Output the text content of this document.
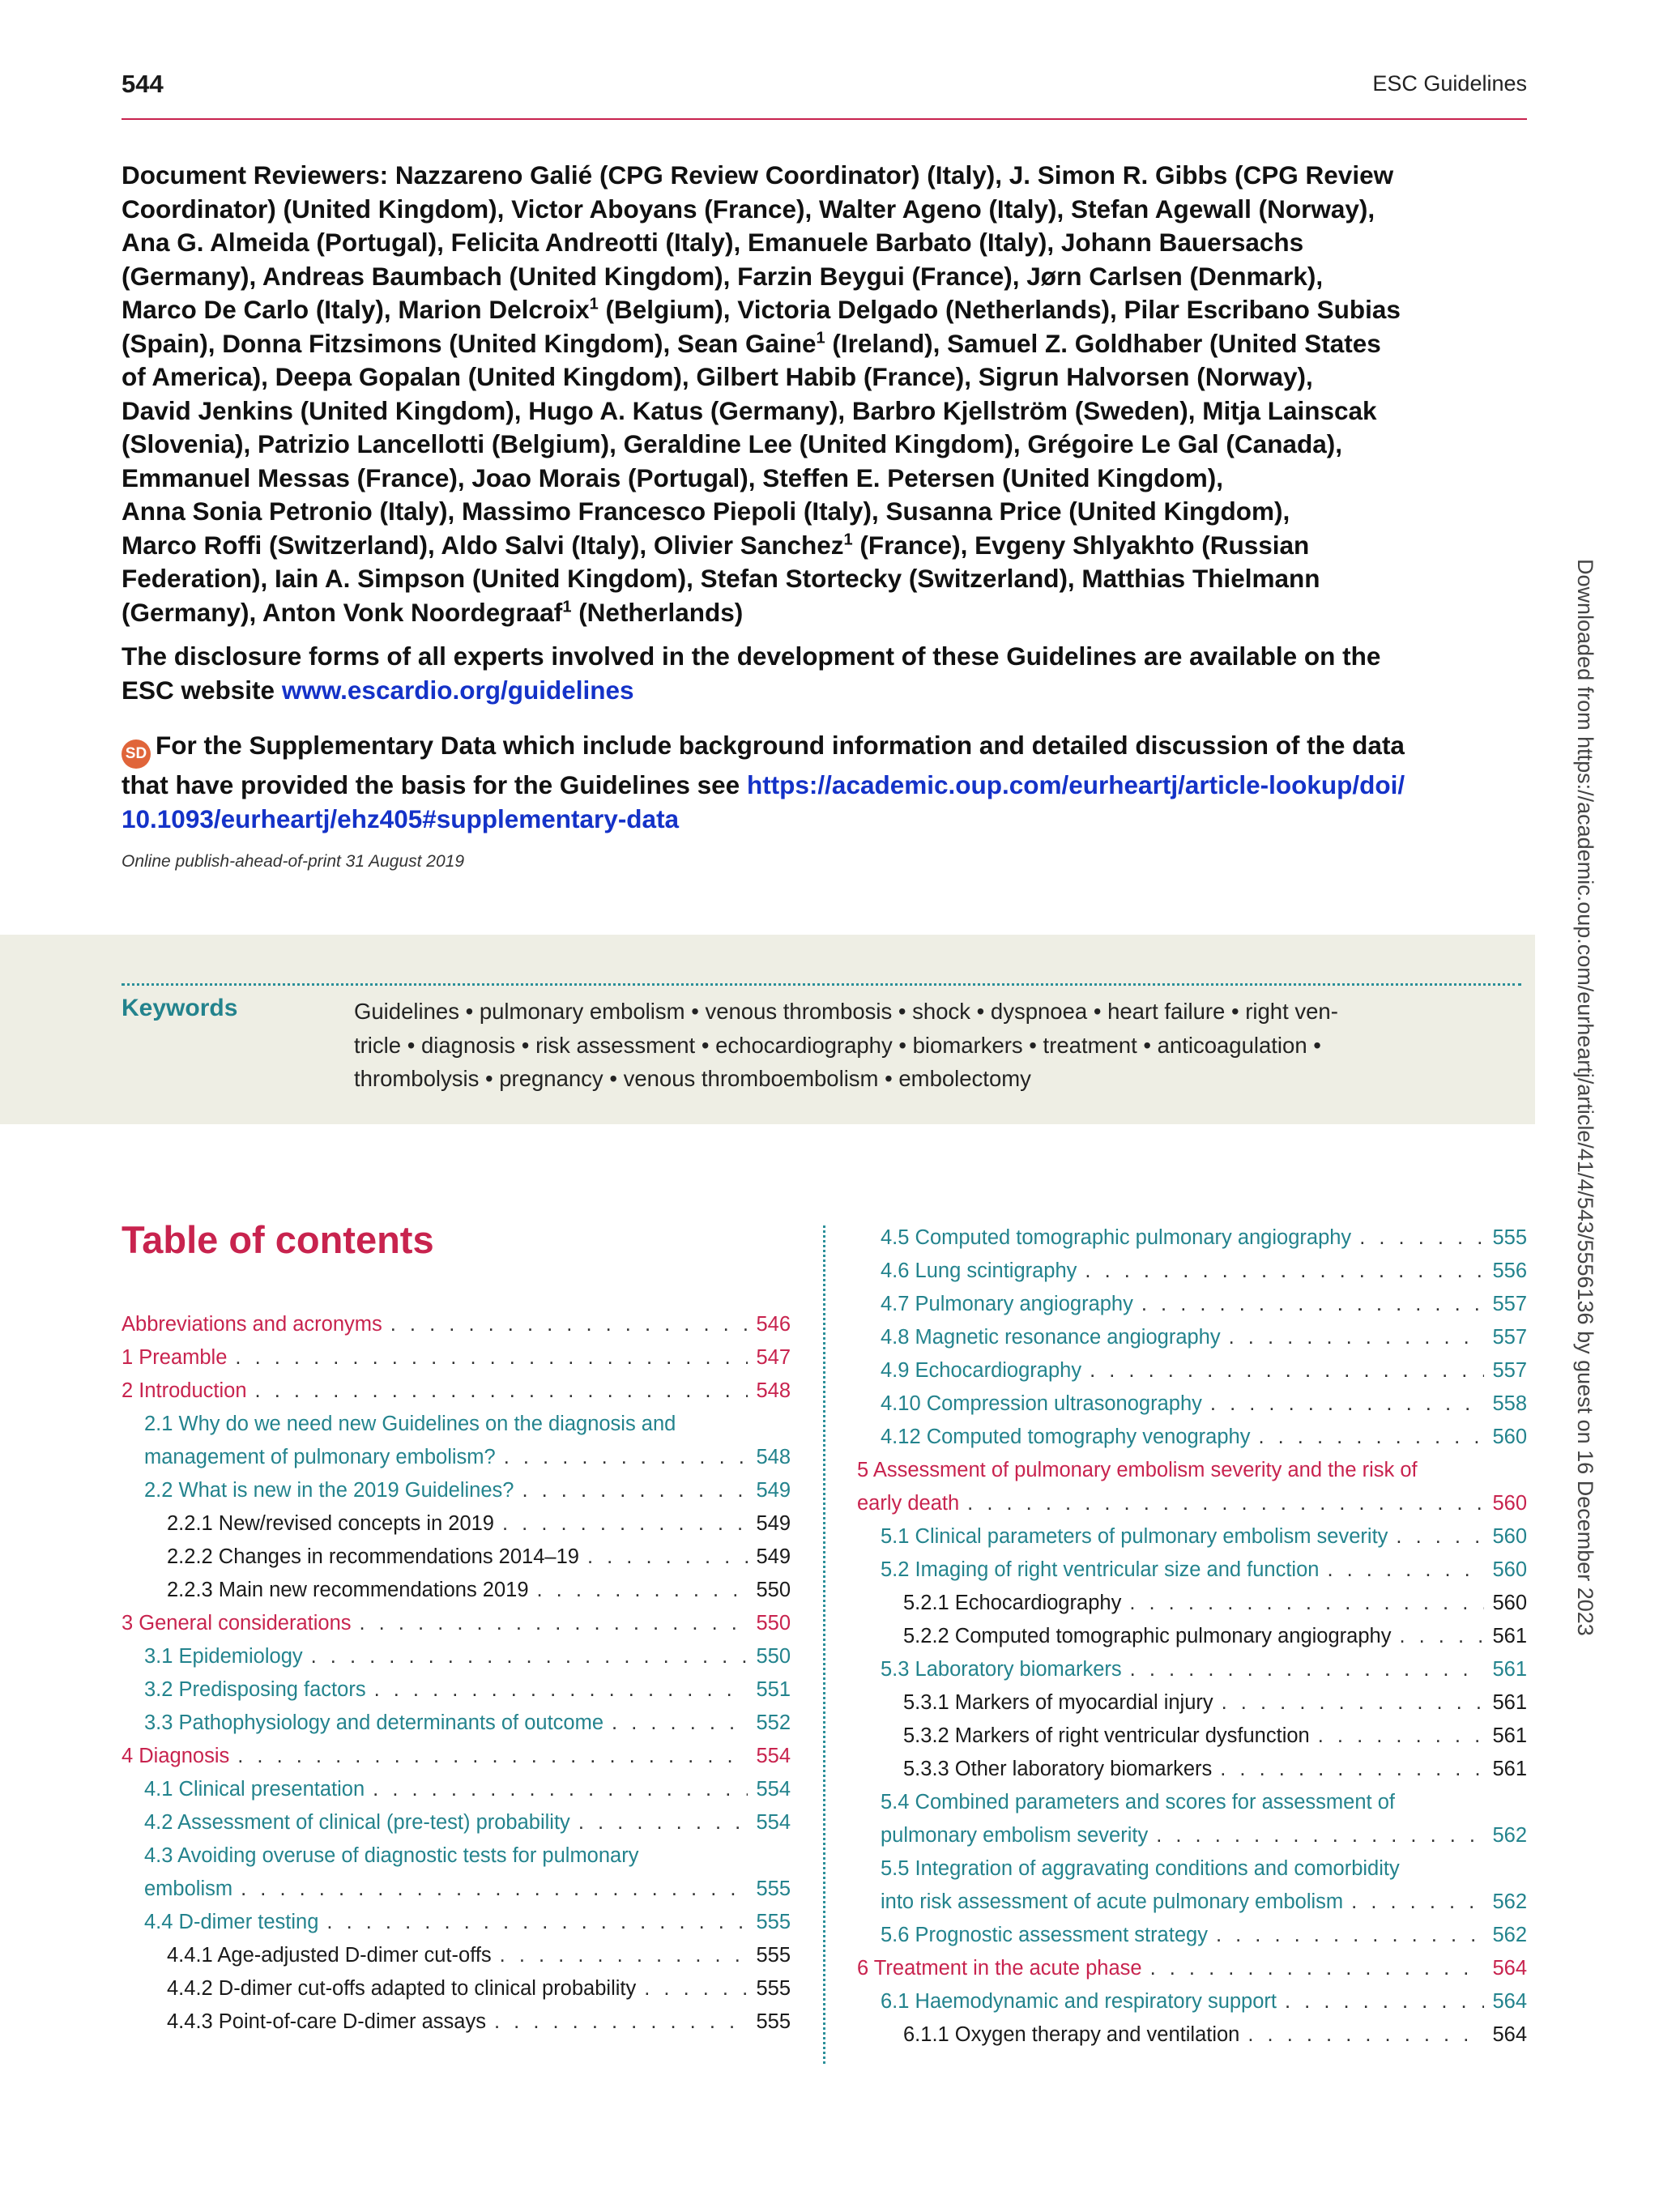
544	ESC Guidelines
Document Reviewers: Nazzareno Galié (CPG Review Coordinator) (Italy), J. Simon R. Gibbs (CPG Review
Coordinator) (United Kingdom), Victor Aboyans (France), Walter Ageno (Italy), Stefan Agewall (Norway),
Ana G. Almeida (Portugal), Felicita Andreotti (Italy), Emanuele Barbato (Italy), Johann Bauersachs
(Germany), Andreas Baumbach (United Kingdom), Farzin Beygui (France), Jørn Carlsen (Denmark),
Marco De Carlo (Italy), Marion Delcroix$^1$ (Belgium), Victoria Delgado (Netherlands), Pilar Escribano Subias
(Spain), Donna Fitzsimons (United Kingdom), Sean Gaine$^1$ (Ireland), Samuel Z. Goldhaber (United States
of America), Deepa Gopalan (United Kingdom), Gilbert Habib (France), Sigrun Halvorsen (Norway),
David Jenkins (United Kingdom), Hugo A. Katus (Germany), Barbro Kjellström (Sweden), Mitja Lainscak
(Slovenia), Patrizio Lancellotti (Belgium), Geraldine Lee (United Kingdom), Grégoire Le Gal (Canada),
Emmanuel Messas (France), Joao Morais (Portugal), Steffen E. Petersen (United Kingdom),
Anna Sonia Petronio (Italy), Massimo Francesco Piepoli (Italy), Susanna Price (United Kingdom),
Marco Roffi (Switzerland), Aldo Salvi (Italy), Olivier Sanchez$^1$ (France), Evgeny Shlyakhto (Russian
Federation), Iain A. Simpson (United Kingdom), Stefan Stortecky (Switzerland), Matthias Thielmann
(Germany), Anton Vonk Noordegraaf$^1$ (Netherlands)
The disclosure forms of all experts involved in the development of these Guidelines are available on the
ESC website www.escardio.org/guidelines
SD For the Supplementary Data which include background information and detailed discussion of the data
that have provided the basis for the Guidelines see https://academic.oup.com/eurheartj/article-lookup/doi/
10.1093/eurheartj/ehz405#supplementary-data
Online publish-ahead-of-print 31 August 2019
Keywords	Guidelines • pulmonary embolism • venous thrombosis • shock • dyspnoea • heart failure • right ven-
tricle • diagnosis • risk assessment • echocardiography • biomarkers • treatment • anticoagulation •
thrombolysis • pregnancy • venous thromboembolism • embolectomy
Table of contents
Abbreviations and acronyms . . .	546
1 Preamble . . .	547
2 Introduction . . .	548
2.1 Why do we need new Guidelines on the diagnosis and
management of pulmonary embolism? . . .	548
2.2 What is new in the 2019 Guidelines? . . .	549
2.2.1 New/revised concepts in 2019 . . .	549
2.2.2 Changes in recommendations 2014–19 . . .	549
2.2.3 Main new recommendations 2019 . . .	550
3 General considerations . . .	550
3.1 Epidemiology . . .	550
3.2 Predisposing factors . . .	551
3.3 Pathophysiology and determinants of outcome . . .	552
4 Diagnosis . . .	554
4.1 Clinical presentation . . .	554
4.2 Assessment of clinical (pre-test) probability . . .	554
4.3 Avoiding overuse of diagnostic tests for pulmonary
embolism . . .	555
4.4 D-dimer testing . . .	555
4.4.1 Age-adjusted D-dimer cut-offs . . .	555
4.4.2 D-dimer cut-offs adapted to clinical probability . . .	555
4.4.3 Point-of-care D-dimer assays . . .	555
4.5 Computed tomographic pulmonary angiography . . .	555
4.6 Lung scintigraphy . . .	556
4.7 Pulmonary angiography . . .	557
4.8 Magnetic resonance angiography . . .	557
4.9 Echocardiography . . .	557
4.10 Compression ultrasonography . . .	558
4.12 Computed tomography venography . . .	560
5 Assessment of pulmonary embolism severity and the risk of
early death . . .	560
5.1 Clinical parameters of pulmonary embolism severity . . .	560
5.2 Imaging of right ventricular size and function . . .	560
5.2.1 Echocardiography . . .	560
5.2.2 Computed tomographic pulmonary angiography . . .	561
5.3 Laboratory biomarkers . . .	561
5.3.1 Markers of myocardial injury . . .	561
5.3.2 Markers of right ventricular dysfunction . . .	561
5.3.3 Other laboratory biomarkers . . .	561
5.4 Combined parameters and scores for assessment of
pulmonary embolism severity . . .	562
5.5 Integration of aggravating conditions and comorbidity
into risk assessment of acute pulmonary embolism . . .	562
5.6 Prognostic assessment strategy . . .	562
6 Treatment in the acute phase . . .	564
6.1 Haemodynamic and respiratory support . . .	564
6.1.1 Oxygen therapy and ventilation . . .	564
Downloaded from https://academic.oup.com/eurheartj/article/41/4/543/5556136 by guest on 16 December 2023
